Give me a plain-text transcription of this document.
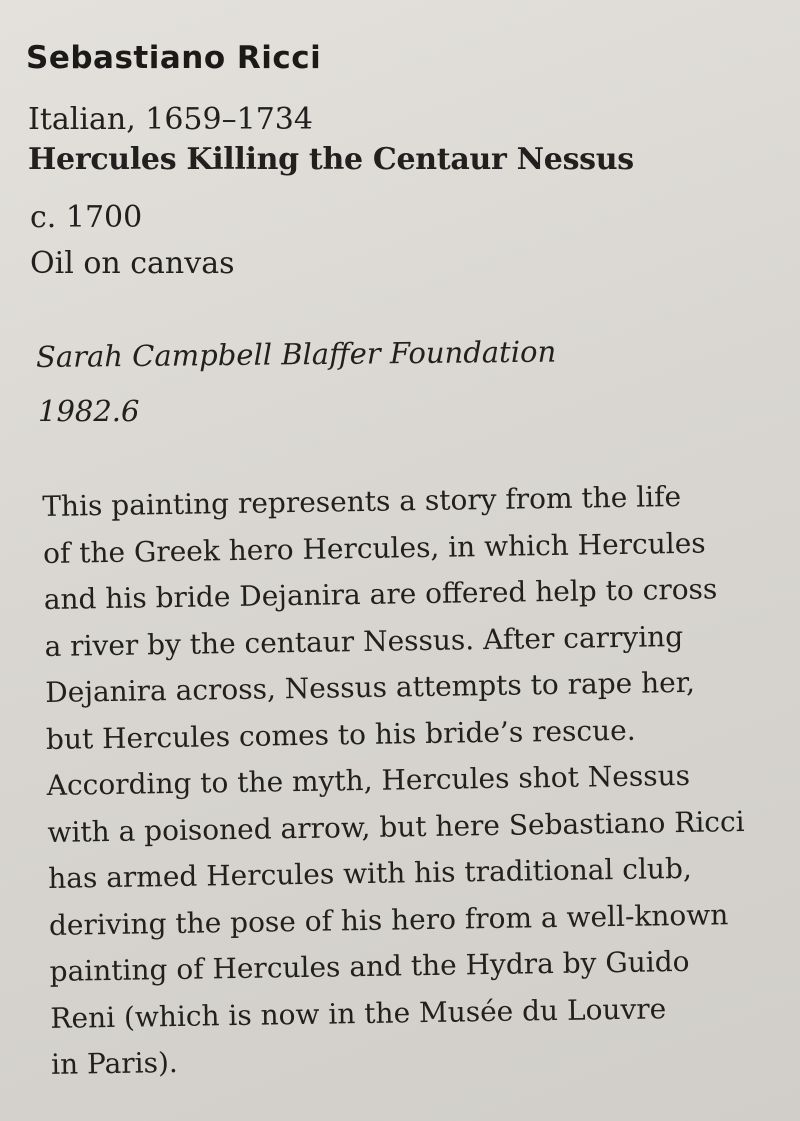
Sebastiano Ricci
Italian, 1659–1734
Hercules Killing the Centaur Nessus
c. 1700
Oil on canvas
Sarah Campbell Blaffer Foundation
1982.6

This painting represents a story from the life
of the Greek hero Hercules, in which Hercules
and his bride Dejanira are offered help to cross
a river by the centaur Nessus. After carrying
Dejanira across, Nessus attempts to rape her,
but Hercules comes to his bride’s rescue.
According to the myth, Hercules shot Nessus
with a poisoned arrow, but here Sebastiano Ricci
has armed Hercules with his traditional club,
deriving the pose of his hero from a well-known
painting of Hercules and the Hydra by Guido
Reni (which is now in the Musée du Louvre
in Paris).
